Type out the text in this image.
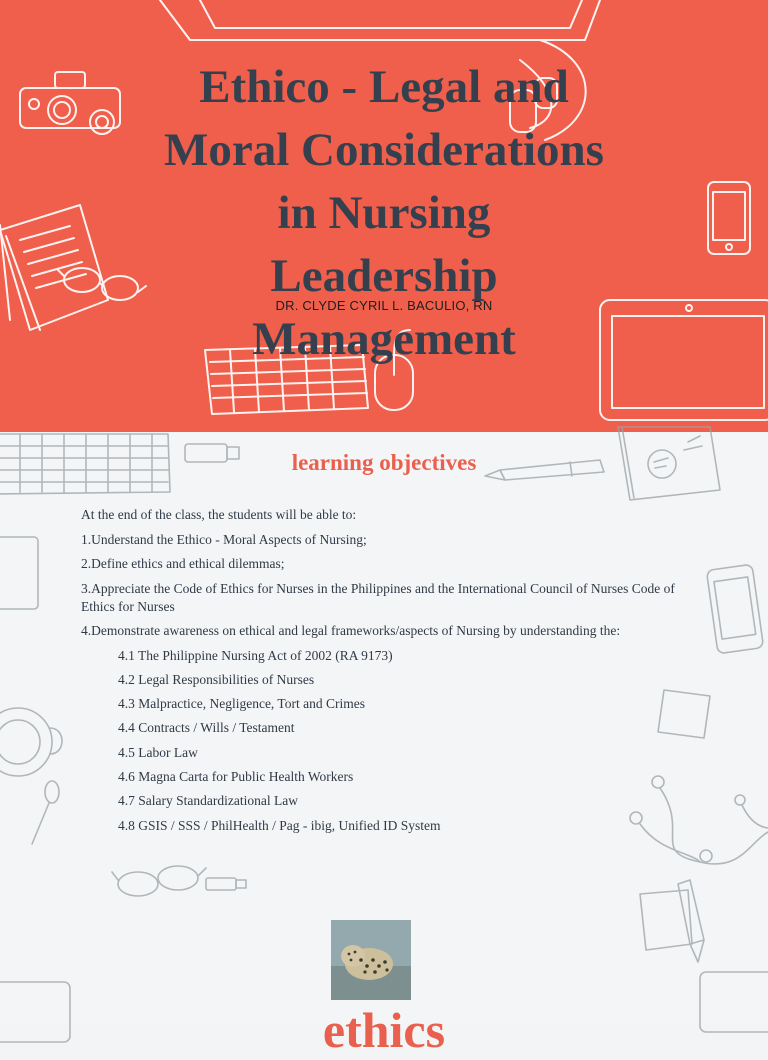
Ethico - Legal and
Moral Considerations
in Nursing
Leadership
Management
DR. CLYDE CYRIL L. BACULIO, RN
learning objectives

At the end of the class, the students will be able to:

1.Understand the Ethico - Moral Aspects of Nursing;

2.Define ethics and ethical dilemmas;

3.Appreciate the Code of Ethics for Nurses in the Philippines and the International Council of Nurses Code of Ethics for Nurses

4.Demonstrate awareness on ethical and legal frameworks/aspects of Nursing by understanding the:

4.1 The Philippine Nursing Act of 2002 (RA 9173)
4.2 Legal Responsibilities of Nurses
4.3 Malpractice, Negligence, Tort and Crimes
4.4 Contracts / Wills / Testament
4.5 Labor Law
4.6 Magna Carta for Public Health Workers
4.7 Salary Standardizational Law
4.8 GSIS / SSS / PhilHealth / Pag - ibig, Unified ID System
ethics
